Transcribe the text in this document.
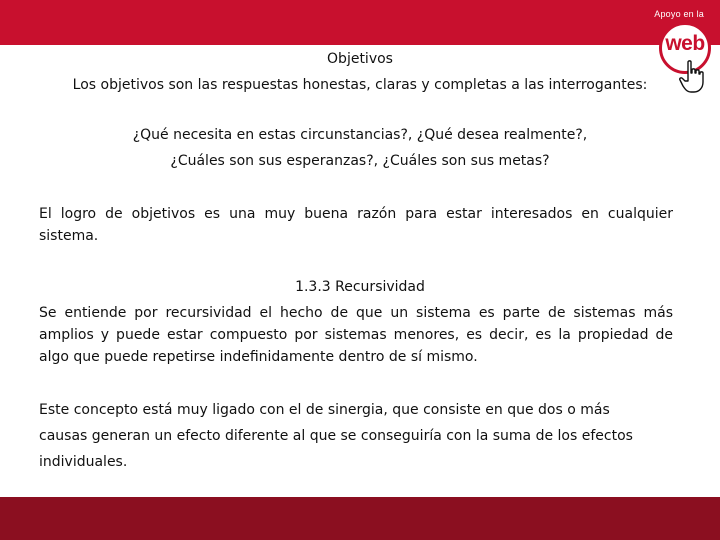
Apoyo en la
web
Objetivos
Los objetivos son las respuestas honestas, claras y completas a las interrogantes:
¿Qué necesita en estas circunstancias?, ¿Qué desea realmente?,
¿Cuáles son sus esperanzas?, ¿Cuáles son sus metas?
El logro de objetivos es una muy buena razón para estar interesados en cualquier sistema.
1.3.3 Recursividad
Se entiende por recursividad el hecho de que un sistema es parte de sistemas más amplios y puede estar compuesto por sistemas menores, es decir, es la propiedad de algo que puede repetirse indefinidamente dentro de sí mismo.
Este concepto está muy ligado con el de sinergia, que consiste en que dos o más causas generan un efecto diferente al que se conseguiría con la suma de los efectos individuales.
